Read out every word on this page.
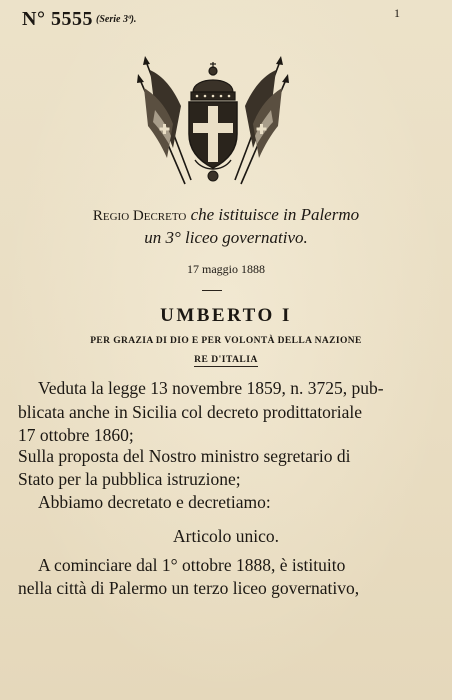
N° 5555 (Serie 3ª).	1
Regio Decreto che istituisce in Palermo
un 3° liceo governativo.
17 maggio 1888
UMBERTO I
PER GRAZIA DI DIO E PER VOLONTÀ DELLA NAZIONE
RE D'ITALIA
Veduta la legge 13 novembre 1859, n. 3725, pub-
blicata anche in Sicilia col decreto prodittatoriale
17 ottobre 1860;
Sulla proposta del Nostro ministro segretario di
Stato per la pubblica istruzione;
Abbiamo decretato e decretiamo:
Articolo unico.
A cominciare dal 1° ottobre 1888, è istituito
nella città di Palermo un terzo liceo governativo,
